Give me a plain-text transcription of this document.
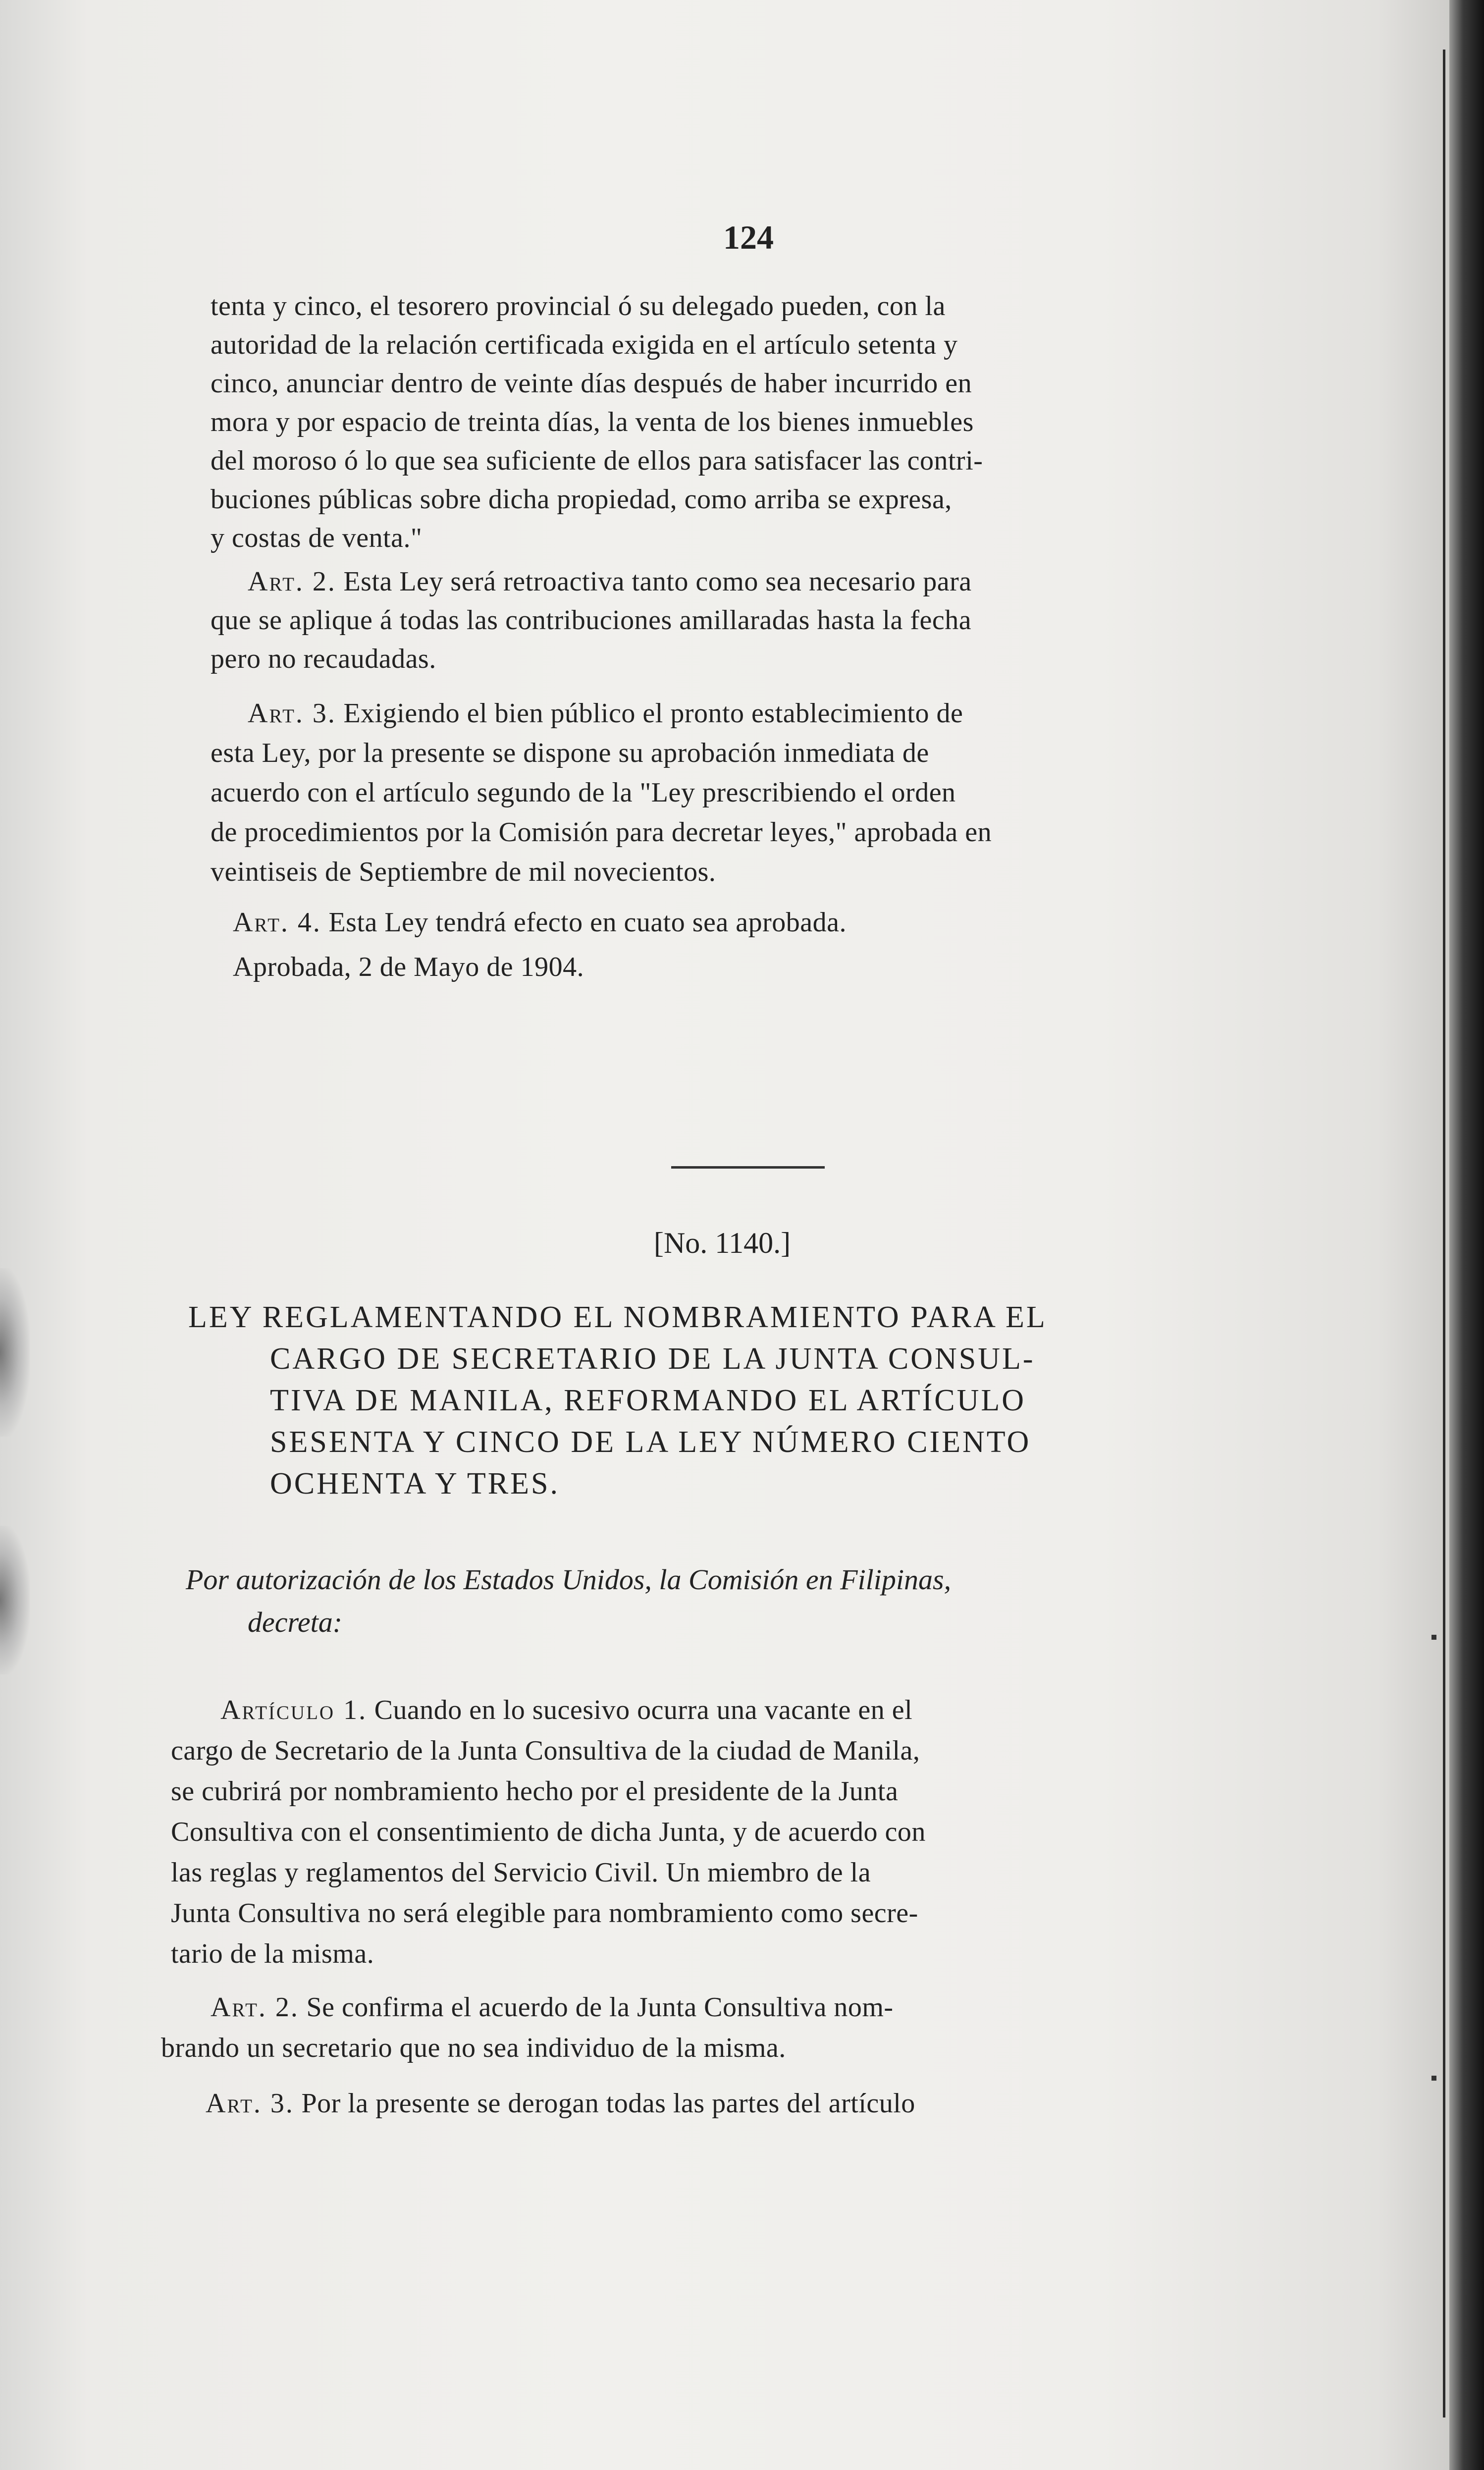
124
tenta y cinco, el tesorero provincial ó su delegado pueden, con la
autoridad de la relación certificada exigida en el artículo setenta y
cinco, anunciar dentro de veinte días después de haber incurrido en
mora y por espacio de treinta días, la venta de los bienes inmuebles
del moroso ó lo que sea suficiente de ellos para satisfacer las contri-
buciones públicas sobre dicha propiedad, como arriba se expresa,
y costas de venta."
Art. 2. Esta Ley será retroactiva tanto como sea necesario para
que se aplique á todas las contribuciones amillaradas hasta la fecha
pero no recaudadas.
Art. 3. Exigiendo el bien público el pronto establecimiento de
esta Ley, por la presente se dispone su aprobación inmediata de
acuerdo con el artículo segundo de la "Ley prescribiendo el orden
de procedimientos por la Comisión para decretar leyes," aprobada en
veintiseis de Septiembre de mil novecientos.
Art. 4. Esta Ley tendrá efecto en cuato sea aprobada.
Aprobada, 2 de Mayo de 1904.
[No. 1140.]
LEY REGLAMENTANDO EL NOMBRAMIENTO PARA EL
CARGO DE SECRETARIO DE LA JUNTA CONSUL-
TIVA DE MANILA, REFORMANDO EL ARTÍCULO
SESENTA Y CINCO DE LA LEY NÚMERO CIENTO
OCHENTA Y TRES.
Por autorización de los Estados Unidos, la Comisión en Filipinas,
decreta:
Artículo 1. Cuando en lo sucesivo ocurra una vacante en el
cargo de Secretario de la Junta Consultiva de la ciudad de Manila,
se cubrirá por nombramiento hecho por el presidente de la Junta
Consultiva con el consentimiento de dicha Junta, y de acuerdo con
las reglas y reglamentos del Servicio Civil. Un miembro de la
Junta Consultiva no será elegible para nombramiento como secre-
tario de la misma.
Art. 2. Se confirma el acuerdo de la Junta Consultiva nom-
brando un secretario que no sea individuo de la misma.
Art. 3. Por la presente se derogan todas las partes del artículo
